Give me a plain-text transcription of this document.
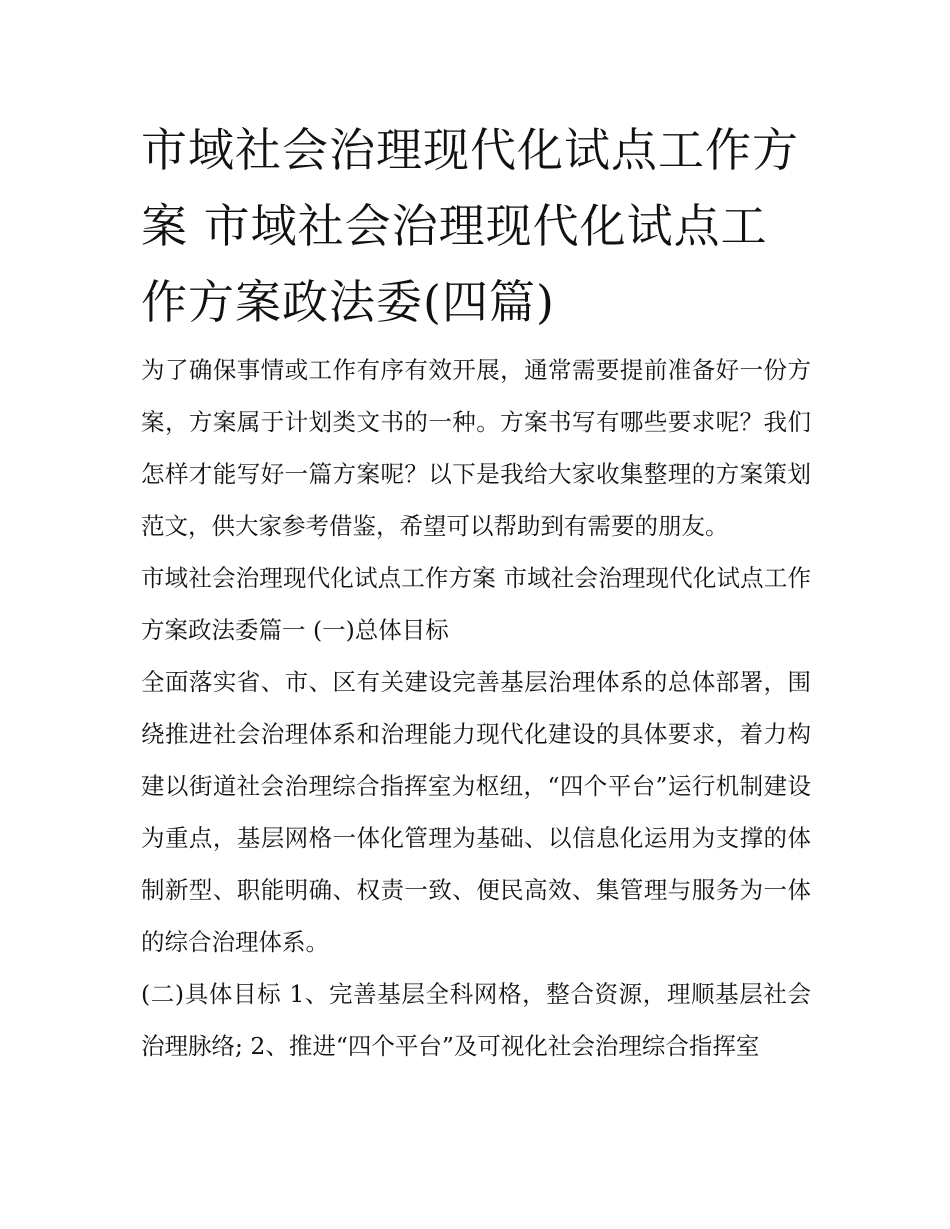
市域社会治理现代化试点工作方案 市域社会治理现代化试点工作方案政法委(四篇)

为了确保事情或工作有序有效开展，通常需要提前准备好一份方案，方案属于计划类文书的一种。方案书写有哪些要求呢？我们怎样才能写好一篇方案呢？以下是我给大家收集整理的方案策划范文，供大家参考借鉴，希望可以帮助到有需要的朋友。

市域社会治理现代化试点工作方案 市域社会治理现代化试点工作方案政法委篇一 (一)总体目标

全面落实省、市、区有关建设完善基层治理体系的总体部署，围绕推进社会治理体系和治理能力现代化建设的具体要求，着力构建以街道社会治理综合指挥室为枢纽，“四个平台”运行机制建设为重点，基层网格一体化管理为基础、以信息化运用为支撑的体制新型、职能明确、权责一致、便民高效、集管理与服务为一体的综合治理体系。

(二)具体目标 1、完善基层全科网格，整合资源，理顺基层社会治理脉络; 2、推进“四个平台”及可视化社会治理综合指挥室
